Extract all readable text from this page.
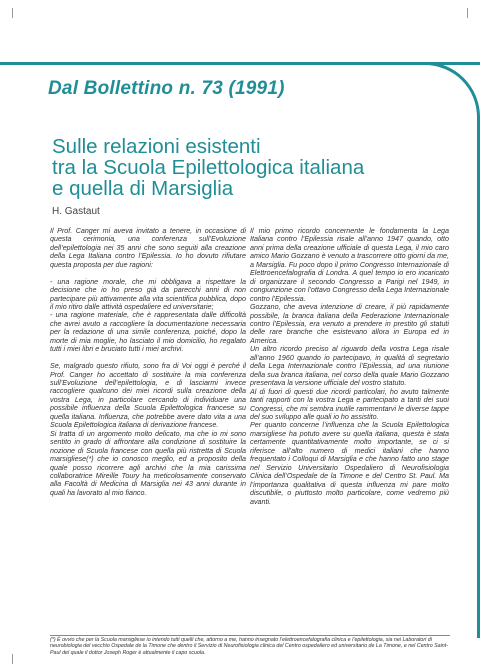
Dal Bollettino n. 73 (1991)
Sulle relazioni esistenti
tra la Scuola Epilettologica italiana
e quella di Marsiglia
H. Gastaut

Il Prof. Canger mi aveva invitato a tenere, in occasione di questa cerimonia, una conferenza sull’Evoluzione dell’epilettologia nei 35 anni che sono seguiti alla creazione della Lega Italiana contro l’Epilessia. Io ho dovuto rifiutare questa proposta per due ragioni:

- una ragione morale, che mi obbligava a rispettare la decisione che io ho preso già da parecchi anni di non partecipare più attivamente alla vita scientifica pubblica, dopo il mio ritiro dalle attività ospedaliere ed universitarie;
- una ragione materiale, che è rappresentata dalle difficoltà che avrei avuto a raccogliere la documentazione necessaria per la redazione di una simile conferenza, poiché, dopo la morte di mia moglie, ho lasciato il mio domicilio, ho regalato tutti i miei libri e bruciato tutti i miei archivi.

Se, malgrado questo rifiuto, sono fra di Voi oggi è perché il Prof. Canger ho accettato di sostituire la mia conferenza sull’Evoluzione dell’epilettologia, e di lasciarmi invece raccogliere qualcuno dei miei ricordi sulla creazione della vostra Lega, in particolare cercando di individuare una possibile influenza della Scuola Epilettologica francese su quella italiana. Influenza, che potrebbe avere dato vita a una Scuola Epilettologica italiana di derivazione francese.
Si tratta di un argomento molto delicato, ma che io mi sono sentito in grado di affrontare alla condizione di sostituire la nozione di Scuola francese con quella più ristretta di Scuola marsigliese(*) che io conosco meglio, ed a proposito della quale posso ricorrere agli archivi che la mia carissima collaboratrice Mireille Toury ha meticolosamente conservato alla Facoltà di Medicina di Marsiglia nei 43 anni durante in quali ha lavorato al mio fianco.

Il mio primo ricordo concernente le fondamenta la Lega Italiana contro l’Epilessia risale all’anno 1947 quando, otto anni prima della creazione ufficiale di questa Lega, il mio caro amico Mario Gozzano è venuto a trascorrere otto giorni da me, a Marsiglia. Fu poco dopo il primo Congresso Internazionale di Elettroencefalografia di Londra. A quel tempo io ero incaricato di organizzare il secondo Congresso a Parigi nel 1949, in congiunzione con l’ottavo Congresso della Lega Internazionale contro l’Epilessia.
Gozzano, che aveva intenzione di creare, il più rapidamente possibile, la branca italiana della Federazione Internazionale contro l’Epilessia, era venuto a prendere in prestito gli statuti delle rare branche che esistevano allora in Europa ed in America.
Un altro ricordo preciso al riguardo della vostra Lega risale all’anno 1960 quando io partecipavo, in qualità di segretario della Lega Internazionale contro l’Epilessia, ad una riunione della sua branca italiana, nel corso della quale Mario Gozzano presentava la versione ufficiale del vostro statuto.
Al di fuori di questi due ricordi particolari, ho avuto talmente tanti rapporti con la vostra Lega e partecipato a tanti dei suoi Congressi, che mi sembra inutile rammentarvi le diverse tappe del suo sviluppo alle quali io ho assistito.
Per quanto concerne l’influenza che la Scuola Epilettologica marsigliese ha potuto avere su quella italiana, questa è stata certamente quantitativamente molto importante, se ci si riferisce all’alto numero di medici italiani che hanno frequentato i Colloqui di Marsiglia e che hanno fatto uno stage nel Servizio Universitario Ospedaliero di Neurofisiologia Clinica dell’Ospedale de la Timone e del Centro St. Paul. Ma l’importanza qualitativa di questa influenza mi pare molto discutibile, o piuttosto molto particolare, come vedremo più avanti.

(*) È ovvio che per la Scuola marsigliese io intendo tutti quelli che, attorno a me, hanno insegnato l’elettroencefalografia clinica e l’epilettologia, sia nei Laboratori di neurobiologia del vecchio Ospedale de la Timone che dentro il Servizio di Neurofisiologia clinica del Centro ospedaliero ed universitario de La Timone, e nel Centro Saint-Paul del quale il dottor Joseph Roger è attualmente il capo scuola.
